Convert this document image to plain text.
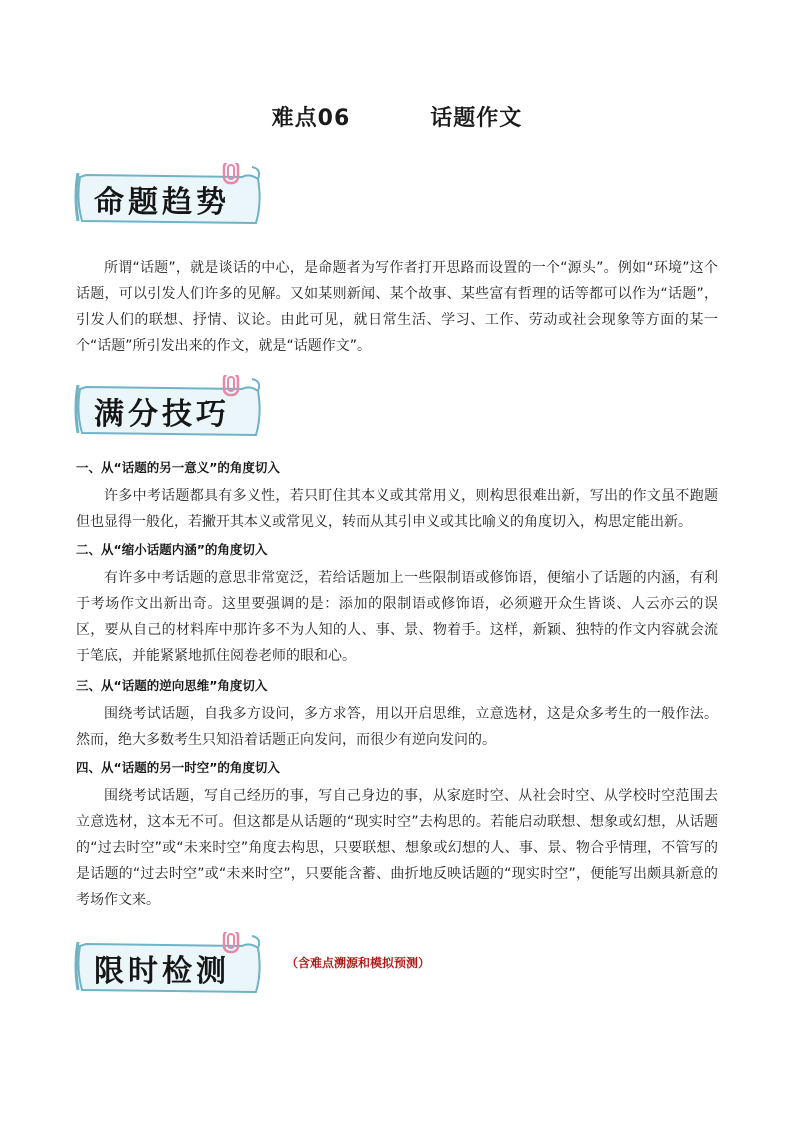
难点06	话题作文
命题趋势

所谓“话题”，就是谈话的中心，是命题者为写作者打开思路而设置的一个“源头”。例如“环境”这个话题，可以引发人们许多的见解。又如某则新闻、某个故事、某些富有哲理的话等都可以作为“话题”，引发人们的联想、抒情、议论。由此可见，就日常生活、学习、工作、劳动或社会现象等方面的某一个“话题”所引发出来的作文，就是“话题作文”。

满分技巧
一、从“话题的另一意义”的角度切入

许多中考话题都具有多义性，若只盯住其本义或其常用义，则构思很难出新，写出的作文虽不跑题但也显得一般化，若撇开其本义或常见义，转而从其引申义或其比喻义的角度切入，构思定能出新。

二、从“缩小话题内涵”的角度切入

有许多中考话题的意思非常宽泛，若给话题加上一些限制语或修饰语，便缩小了话题的内涵，有利于考场作文出新出奇。这里要强调的是：添加的限制语或修饰语，必须避开众生皆谈、人云亦云的误区，要从自己的材料库中那许多不为人知的人、事、景、物着手。这样，新颖、独特的作文内容就会流于笔底，并能紧紧地抓住阅卷老师的眼和心。

三、从“话题的逆向思维”角度切入

围绕考试话题，自我多方设问，多方求答，用以开启思维，立意选材，这是众多考生的一般作法。然而，绝大多数考生只知沿着话题正向发问，而很少有逆向发问的。

四、从“话题的另一时空”的角度切入

围绕考试话题，写自己经历的事，写自己身边的事，从家庭时空、从社会时空、从学校时空范围去立意选材，这本无不可。但这都是从话题的“现实时空”去构思的。若能启动联想、想象或幻想，从话题的“过去时空”或“未来时空”角度去构思，只要联想、想象或幻想的人、事、景、物合乎情理，不管写的是话题的“过去时空”或“未来时空”，只要能含蓄、曲折地反映话题的“现实时空”，便能写出颇具新意的考场作文来。

限时检测	（含难点溯源和模拟预测）
